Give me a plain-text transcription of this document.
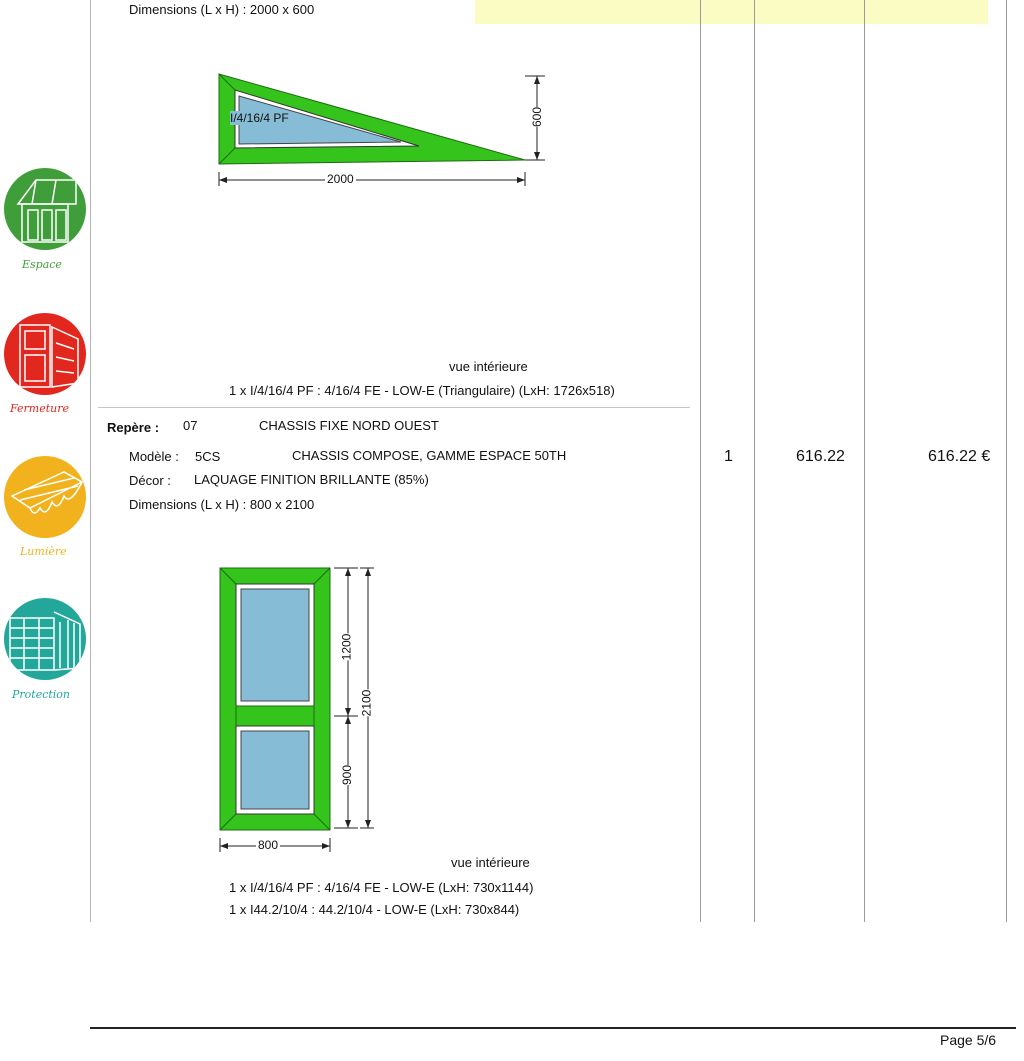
Espace
Fermeture
Lumière
Protection
Dimensions (L x H) : 2000 x 600
I/4/16/4 PF
2000
600
vue intérieure
1 x I/4/16/4 PF : 4/16/4 FE - LOW-E (Triangulaire) (LxH: 1726x518)
Repère : 07	CHASSIS FIXE NORD OUEST
Modèle : 5CS	CHASSIS COMPOSE, GAMME ESPACE 50TH
Décor : LAQUAGE FINITION BRILLANTE (85%)
Dimensions (L x H) : 800 x 2100
1	616.22	616.22 €
1200
900
2100
800
vue intérieure
1 x I/4/16/4 PF : 4/16/4 FE - LOW-E (LxH: 730x1144)
1 x I44.2/10/4 : 44.2/10/4 - LOW-E (LxH: 730x844)
Page 5/6
